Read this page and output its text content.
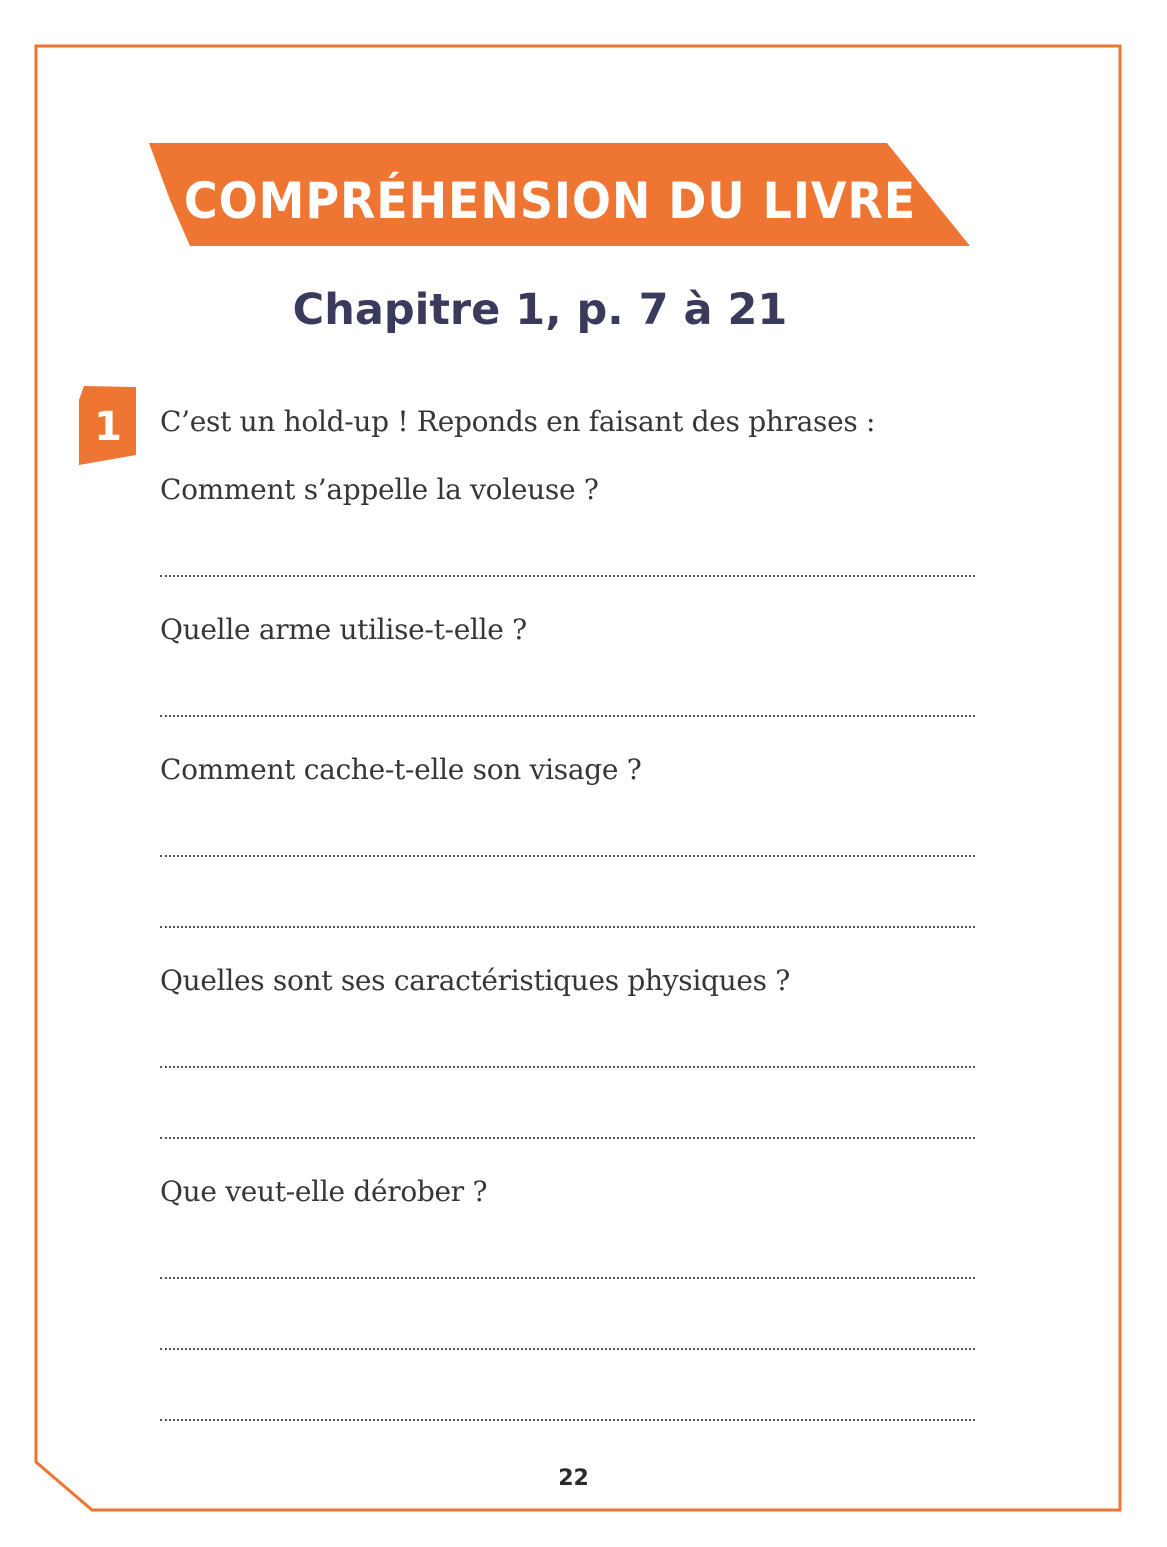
COMPRÉHENSION DU LIVRE
Chapitre 1, p. 7 à 21
1	C’est un hold-up ! Reponds en faisant des phrases :
Comment s’appelle la voleuse ?
Quelle arme utilise-t-elle ?
Comment cache-t-elle son visage ?
Quelles sont ses caractéristiques physiques ?
Que veut-elle dérober ?
22
